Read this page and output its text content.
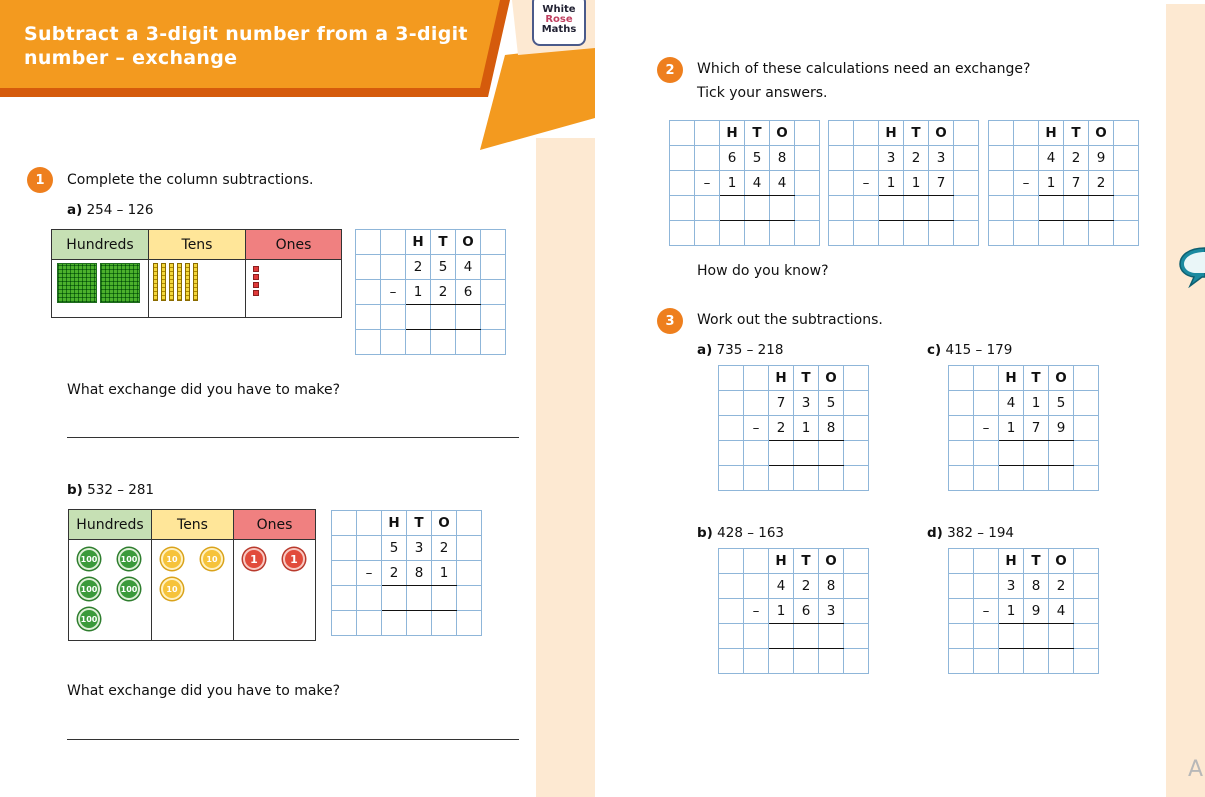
Subtract a 3-digit number from a 3-digit number – exchange
White
Rose
Maths
1	Complete the column subtractions.
a) 254 – 126
Hundreds	Tens	Ones
			H	T	O	
		2	5	4	
	–	1	2	6	

What exchange did you have to make?
b) 532 – 281
Hundreds	Tens	Ones
100	100
100	100
100
10	10
10
1	1
		H	T	O	
		5	3	2	
	–	2	8	1	

What exchange did you have to make?
2	Which of these calculations need an exchange?
Tick your answers.
		H	T	O	
		6	5	8	
	–	1	4	4	

		H	T	O	
		3	2	3	
	–	1	1	7	

		H	T	O	
		4	2	9	
	–	1	7	2	

How do you know?
3	Work out the subtractions.
a) 735 – 218
		H	T	O	
		7	3	5	
	–	2	1	8	

c) 415 – 179
		H	T	O	
		4	1	5	
	–	1	7	9	

b) 428 – 163
		H	T	O	
		4	2	8	
	–	1	6	3	

d) 382 – 194
		H	T	O	
		3	8	2	
	–	1	9	4	

A
